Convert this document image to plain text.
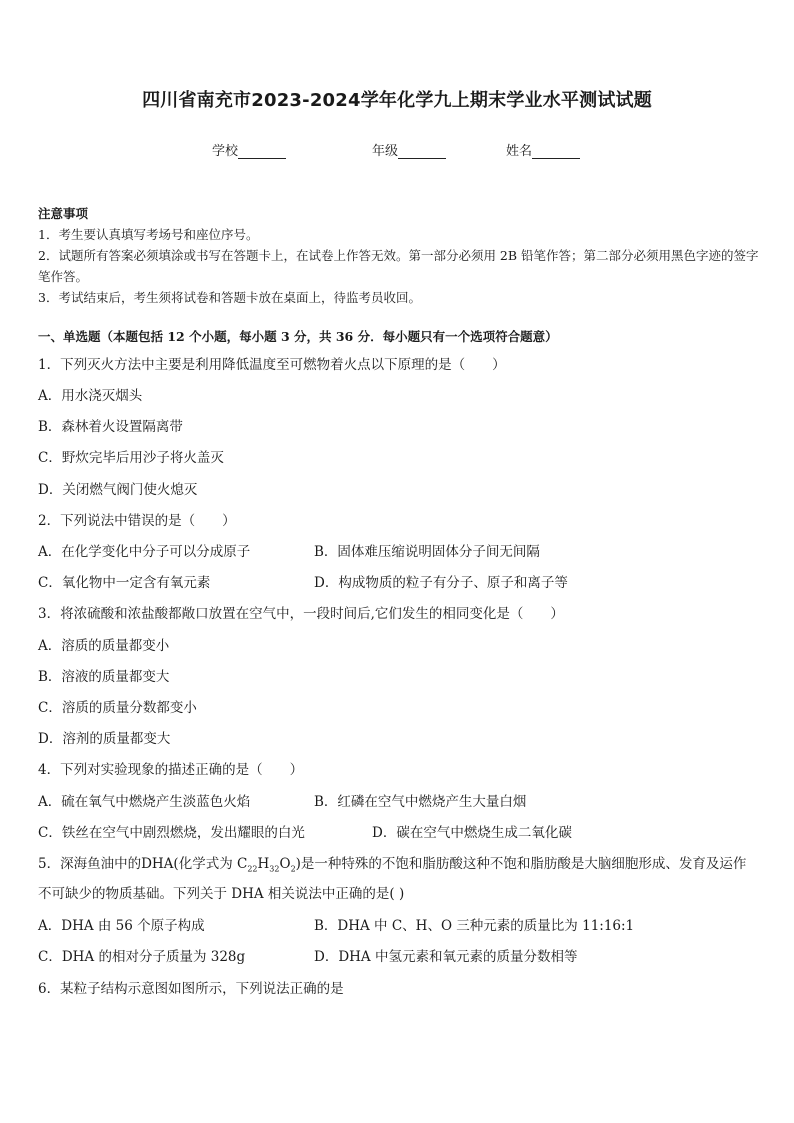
四川省南充市2023-2024学年化学九上期末学业水平测试试题
学校	年级	姓名

注意事项

1．考生要认真填写考场号和座位序号。

2．试题所有答案必须填涂或书写在答题卡上，在试卷上作答无效。第一部分必须用 2B 铅笔作答；第二部分必须用黑色字迹的签字笔作答。

3．考试结束后，考生须将试卷和答题卡放在桌面上，待监考员收回。

一、单选题（本题包括 12 个小题，每小题 3 分，共 36 分．每小题只有一个选项符合题意）
1．下列灭火方法中主要是利用降低温度至可燃物着火点以下原理的是（　　）
A．用水浇灭烟头
B．森林着火设置隔离带
C．野炊完毕后用沙子将火盖灭
D．关闭燃气阀门使火熄灭
2．下列说法中错误的是（　　）
A．在化学变化中分子可以分成原子	B．固体难压缩说明固体分子间无间隔
C．氧化物中一定含有氧元素	D．构成物质的粒子有分子、原子和离子等
3．将浓硫酸和浓盐酸都敞口放置在空气中，一段时间后,它们发生的相同变化是（　　）
A．溶质的质量都变小
B．溶液的质量都变大
C．溶质的质量分数都变小
D．溶剂的质量都变大
4．下列对实验现象的描述正确的是（　　）
A．硫在氧气中燃烧产生淡蓝色火焰	B．红磷在空气中燃烧产生大量白烟
C．铁丝在空气中剧烈燃烧，发出耀眼的白光	D．碳在空气中燃烧生成二氧化碳
5．深海鱼油中的DHA(化学式为 $C_{22}H_{32}O_2$)是一种特殊的不饱和脂肪酸这种不饱和脂肪酸是大脑细胞形成、发育及运作不可缺少的物质基础。下列关于 DHA 相关说法中正确的是( )
A．DHA 由 56 个原子构成	B．DHA 中 C、H、O 三种元素的质量比为 11:16:1
C．DHA 的相对分子质量为 328g	D．DHA 中氢元素和氧元素的质量分数相等
6．某粒子结构示意图如图所示，下列说法正确的是
